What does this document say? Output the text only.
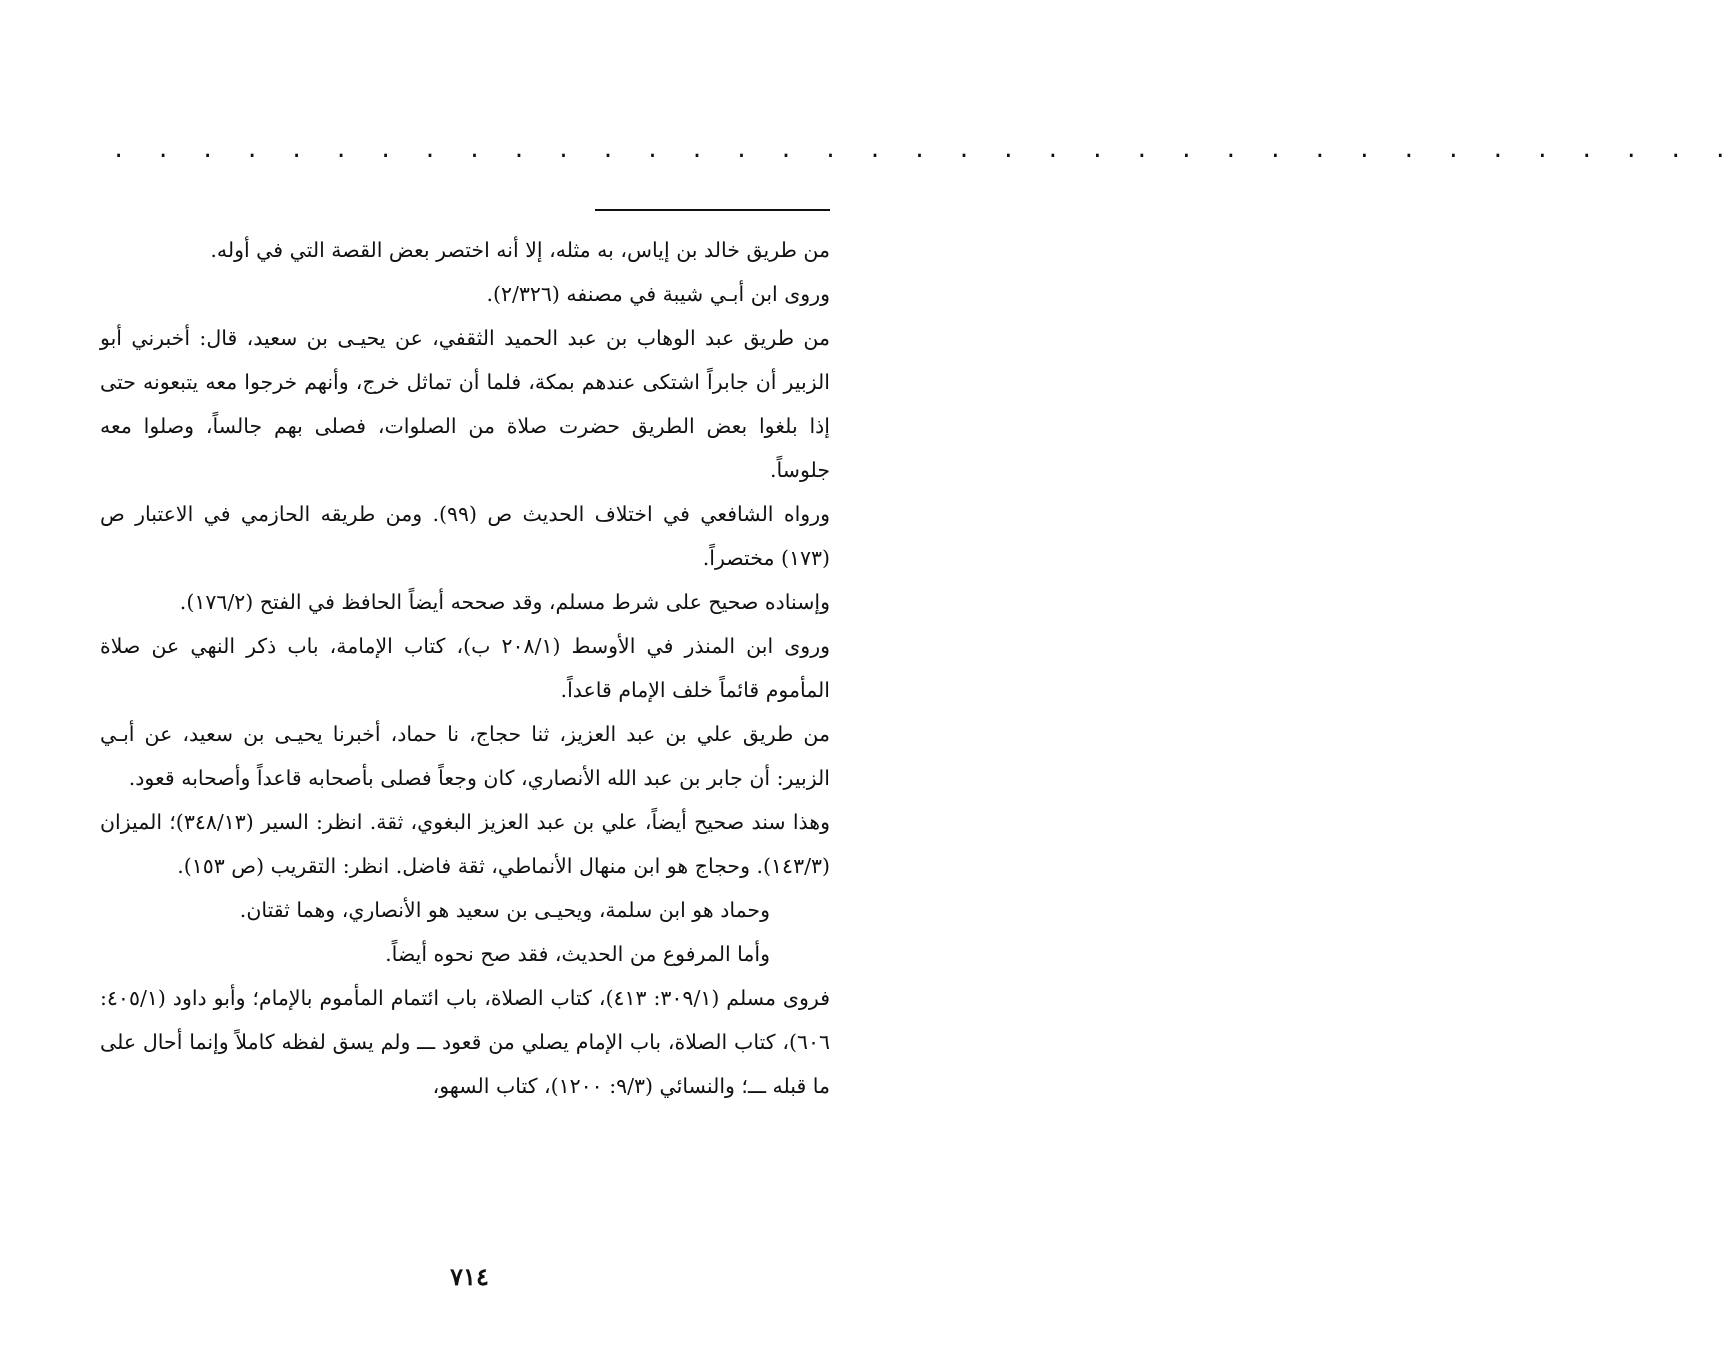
. . . . . . . . . . . . . . . . . . . . . . . . . . . . . . . . . . . . .

من طريق خالد بن إياس، به مثله، إلا أنه اختصر بعض القصة التي في أوله.

وروى ابن أبـي شيبة في مصنفه (٢/٣٢٦).

من طريق عبد الوهاب بن عبد الحميد الثقفي، عن يحيـى بن سعيد، قال: أخبرني أبو الزبير أن جابراً اشتكى عندهم بمكة، فلما أن تماثل خرج، وأنهم خرجوا معه يتبعونه حتى إذا بلغوا بعض الطريق حضرت صلاة من الصلوات، فصلى بهم جالساً، وصلوا معه جلوساً.

ورواه الشافعي في اختلاف الحديث ص (٩٩). ومن طريقه الحازمي في الاعتبار ص (١٧٣) مختصراً.

وإسناده صحيح على شرط مسلم، وقد صححه أيضاً الحافظ في الفتح (١٧٦/٢).

وروى ابن المنذر في الأوسط (٢٠٨/١ ب)، كتاب الإمامة، باب ذكر النهي عن صلاة المأموم قائماً خلف الإمام قاعداً.

من طريق علي بن عبد العزيز، ثنا حجاج، نا حماد، أخبرنا يحيـى بن سعيد، عن أبـي الزبير: أن جابر بن عبد الله الأنصاري، كان وجعاً فصلى بأصحابه قاعداً وأصحابه قعود.

وهذا سند صحيح أيضاً، علي بن عبد العزيز البغوي، ثقة. انظر: السير (٣٤٨/١٣)؛ الميزان (١٤٣/٣). وحجاج هو ابن منهال الأنماطي، ثقة فاضل. انظر: التقريب (ص ١٥٣).

وحماد هو ابن سلمة، ويحيـى بن سعيد هو الأنصاري، وهما ثقتان.

وأما المرفوع من الحديث، فقد صح نحوه أيضاً.

فروى مسلم (٣٠٩/١: ٤١٣)، كتاب الصلاة، باب ائتمام المأموم بالإمام؛ وأبو داود (٤٠٥/١: ٦٠٦)، كتاب الصلاة، باب الإمام يصلي من قعود ـــ ولم يسق لفظه كاملاً وإنما أحال على ما قبله ـــ؛ والنسائي (٩/٣: ١٢٠٠)، كتاب السهو،

٧١٤
